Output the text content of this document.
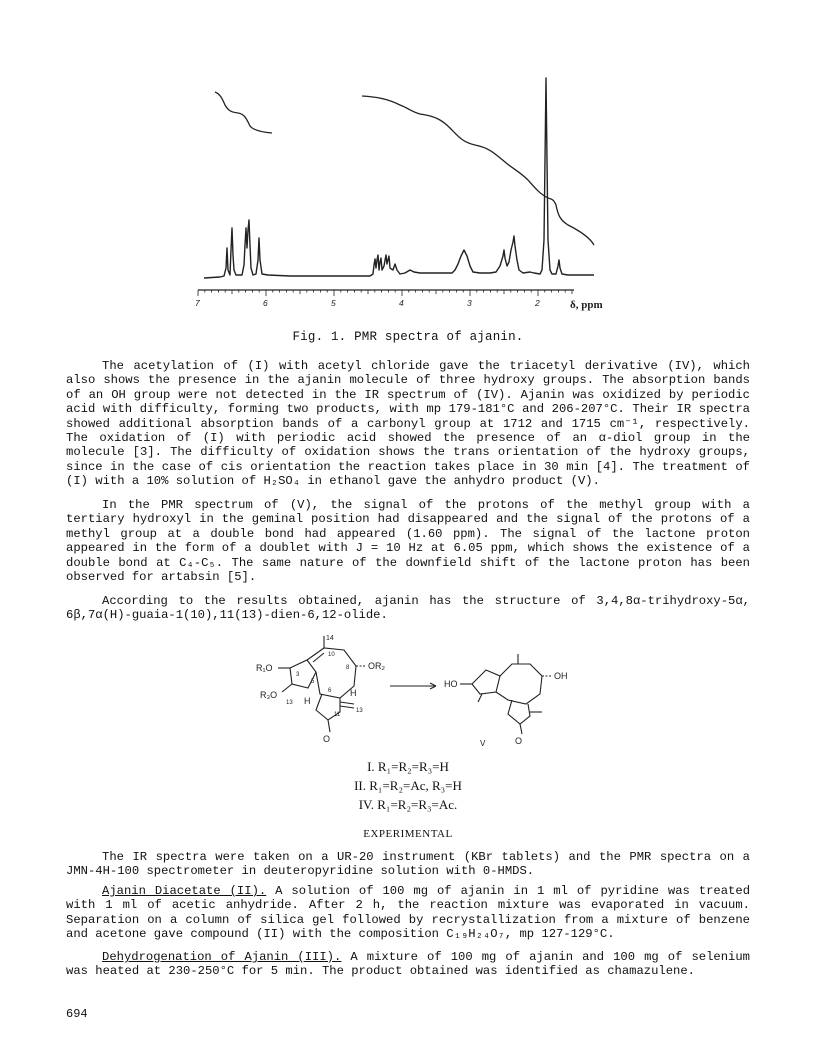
7	6	5	4	3	2	δ, ppm
Fig. 1. PMR spectra of ajanin.

The acetylation of (I) with acetyl chloride gave the triacetyl derivative (IV), which also shows the presence in the ajanin molecule of three hydroxy groups. The absorption bands of an OH group were not detected in the IR spectrum of (IV). Ajanin was oxidized by periodic acid with difficulty, forming two products, with mp 179-181°C and 206-207°C. Their IR spectra showed additional absorption bands of a carbonyl group at 1712 and 1715 cm⁻¹, respectively. The oxidation of (I) with periodic acid showed the presence of an α-diol group in the molecule [3]. The difficulty of oxidation shows the trans orientation of the hydroxy groups, since in the case of cis orientation the reaction takes place in 30 min [4]. The treatment of (I) with a 10% solution of H₂SO₄ in ethanol gave the anhydro product (V).

In the PMR spectrum of (V), the signal of the protons of the methyl group with a tertiary hydroxyl in the geminal position had disappeared and the signal of the protons of a methyl group at a double bond had appeared (1.60 ppm). The signal of the lactone proton appeared in the form of a doublet with J = 10 Hz at 6.05 ppm, which shows the existence of a double bond at C₄-C₅. The same nature of the downfield shift of the lactone proton has been observed for artabsin [5].

According to the results obtained, ajanin has the structure of 3,4,8α-trihydroxy-5α, 6β,7α(H)-guaia-1(10),11(13)-dien-6,12-olide.

R₁O
R₃O
OR₂
14
10
3
5
8
6
11
13
13 H
H
O
HO
OH
O
V
I. R₁=R₂=R₃=H
II. R₁=R₂=Ac, R₃=H
IV. R₁=R₂=R₃=Ac.
EXPERIMENTAL

The IR spectra were taken on a UR-20 instrument (KBr tablets) and the PMR spectra on a JMN-4H-100 spectrometer in deuteropyridine solution with 0-HMDS.

Ajanin Diacetate (II). A solution of 100 mg of ajanin in 1 ml of pyridine was treated with 1 ml of acetic anhydride. After 2 h, the reaction mixture was evaporated in vacuum. Separation on a column of silica gel followed by recrystallization from a mixture of benzene and acetone gave compound (II) with the composition C₁₉H₂₄O₇, mp 127-129°C.

Dehydrogenation of Ajanin (III). A mixture of 100 mg of ajanin and 100 mg of selenium was heated at 230-250°C for 5 min. The product obtained was identified as chamazulene.

694
